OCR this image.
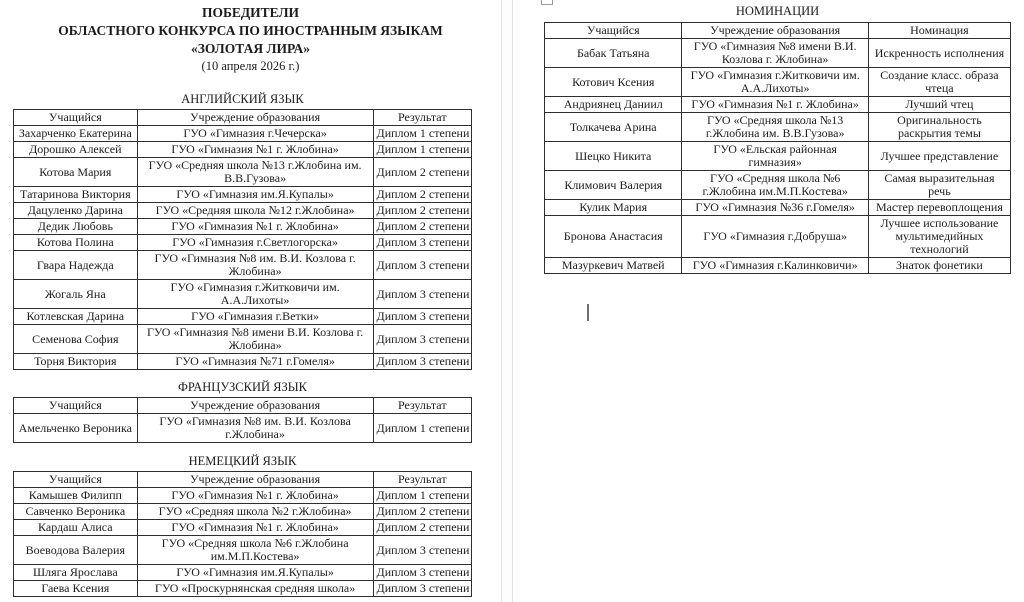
ПОБЕДИТЕЛИ
ОБЛАСТНОГО КОНКУРСА ПО ИНОСТРАННЫМ ЯЗЫКАМ
«ЗОЛОТАЯ ЛИРА»
(10 апреля 2026 г.)
АНГЛИЙСКИЙ ЯЗЫК
Учащийся	Учреждение образования	Результат
Захарченко Екатерина	ГУО «Гимназия г.Чечерска»	Диплом 1 степени
Дорошко Алексей	ГУО «Гимназия №1 г. Жлобина»	Диплом 1 степени
Котова Мария	ГУО «Средняя школа №13 г.Жлобина им. В.В.Гузова»	Диплом 2 степени
Татаринова Виктория	ГУО «Гимназия им.Я.Купалы»	Диплом 2 степени
Дацуленко Дарина	ГУО «Средняя школа №12 г.Жлобина»	Диплом 2 степени
Дедик Любовь	ГУО «Гимназия №1 г. Жлобина»	Диплом 2 степени
Котова Полина	ГУО «Гимназия г.Светлогорска»	Диплом 3 степени
Гвара Надежда	ГУО «Гимназия №8 им. В.И. Козлова г. Жлобина»	Диплом 3 степени
Жогаль Яна	ГУО «Гимназия г.Житковичи им. А.А.Лихоты»	Диплом 3 степени
Котлевская Дарина	ГУО «Гимназия г.Ветки»	Диплом 3 степени
Семенова София	ГУО «Гимназия №8 имени В.И. Козлова г. Жлобина»	Диплом 3 степени
Торня Виктория	ГУО «Гимназия №71 г.Гомеля»	Диплом 3 степени
ФРАНЦУЗСКИЙ ЯЗЫК
Учащийся	Учреждение образования	Результат
Амельченко Вероника	ГУО «Гимназия №8 им. В.И. Козлова г.Жлобина»	Диплом 1 степени
НЕМЕЦКИЙ ЯЗЫК
Учащийся	Учреждение образования	Результат
Камышев Филипп	ГУО «Гимназия №1 г. Жлобина»	Диплом 1 степени
Савченко Вероника	ГУО «Средняя школа №2 г.Жлобина»	Диплом 2 степени
Кардаш Алиса	ГУО «Гимназия №1 г. Жлобина»	Диплом 2 степени
Воеводова Валерия	ГУО «Средняя школа №6 г.Жлобина им.М.П.Костева»	Диплом 3 степени
Шляга Ярослава	ГУО «Гимназия им.Я.Купалы»	Диплом 3 степени
Гаева Ксения	ГУО «Проскурнянская средняя школа»	Диплом 3 степени
НОМИНАЦИИ
Учащийся	Учреждение образования	Номинация
Бабак Татьяна	ГУО «Гимназия №8 имени В.И. Козлова г. Жлобина»	Искренность исполнения
Котович Ксения	ГУО «Гимназия г.Житковичи им. А.А.Лихоты»	Создание класс. образа чтеца
Андриянец Даниил	ГУО «Гимназия №1 г. Жлобина»	Лучший чтец
Толкачева Арина	ГУО «Средняя школа №13 г.Жлобина им. В.В.Гузова»	Оригинальность раскрытия темы
Шецко Никита	ГУО «Ельская районная гимназия»	Лучшее представление
Климович Валерия	ГУО «Средняя школа №6 г.Жлобина им.М.П.Костева»	Самая выразительная речь
Кулик Мария	ГУО «Гимназия №36 г.Гомеля»	Мастер перевоплощения
Бронова Анастасия	ГУО «Гимназия г.Добруша»	Лучшее использование мультимедийных технологий
Мазуркевич Матвей	ГУО «Гимназия г.Калинковичи»	Знаток фонетики
